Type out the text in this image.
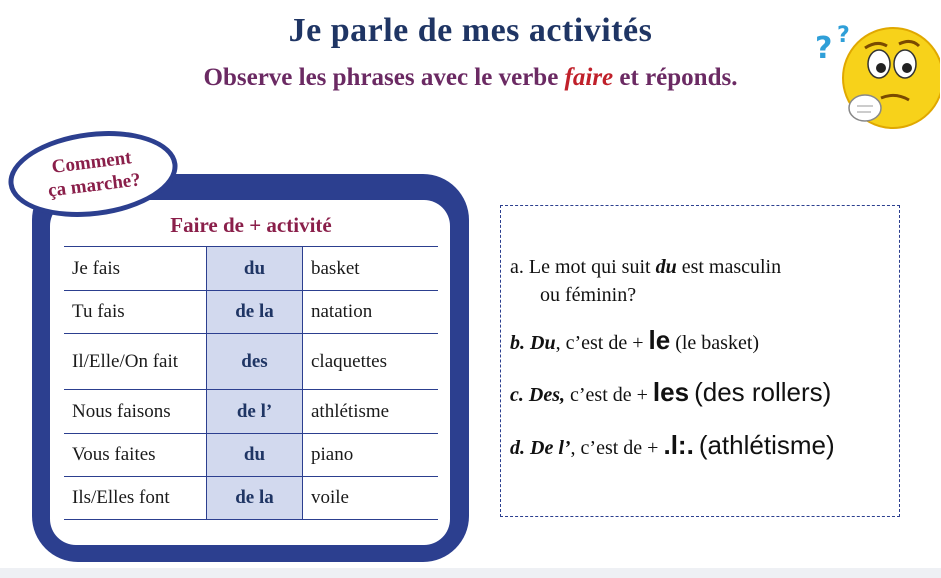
Je parle de mes activités
Observe les phrases avec le verbe faire et réponds.
? ?
Comment
ça marche?
Faire de + activité
Je fais	du	basket
Tu fais	de la	natation
Il/Elle/On fait	des	claquettes
Nous faisons	de l’	athlétisme
Vous faites	du	piano
Ils/Elles font	de la	voile
a. Le mot qui suit du est masculin
ou féminin?
b. Du, c’est de + le (le basket)
c. Des, c’est de + les (des rollers)
d. De l’, c’est de + .l:. (athlétisme)
